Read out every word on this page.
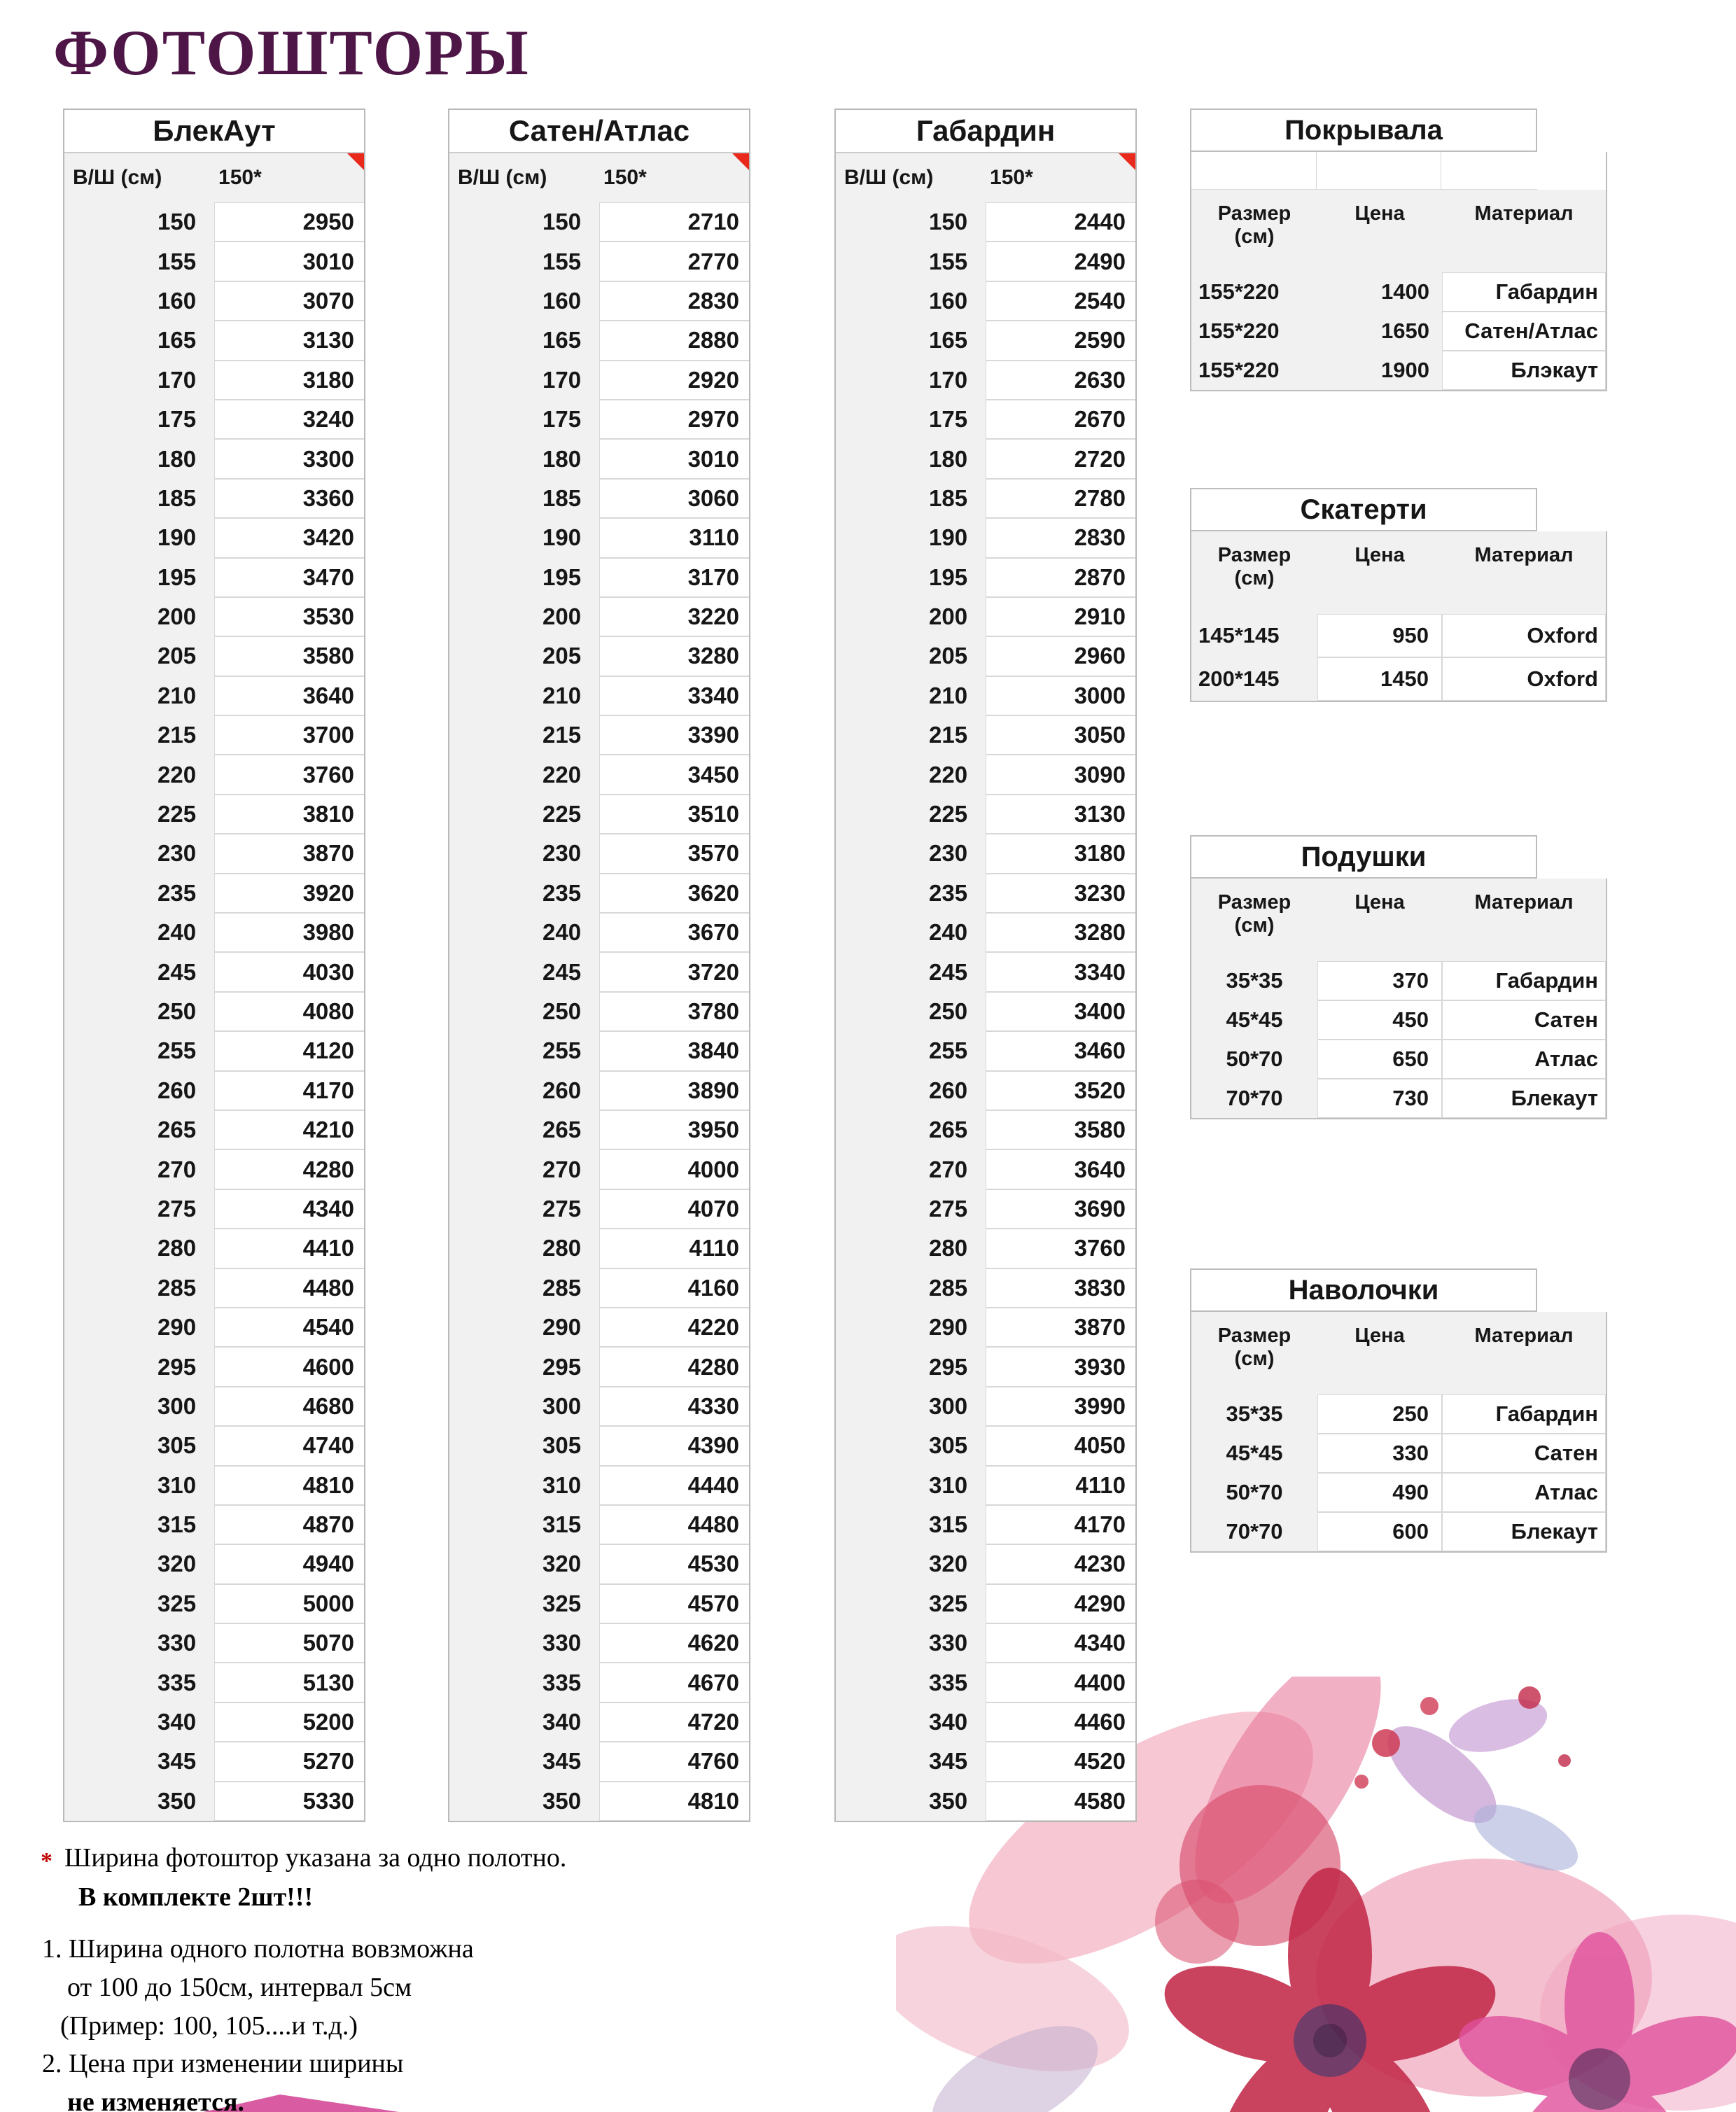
ФОТОШТОРЫ
БлекАут
В/Ш (см)	150*
150	2950
155	3010
160	3070
165	3130
170	3180
175	3240
180	3300
185	3360
190	3420
195	3470
200	3530
205	3580
210	3640
215	3700
220	3760
225	3810
230	3870
235	3920
240	3980
245	4030
250	4080
255	4120
260	4170
265	4210
270	4280
275	4340
280	4410
285	4480
290	4540
295	4600
300	4680
305	4740
310	4810
315	4870
320	4940
325	5000
330	5070
335	5130
340	5200
345	5270
350	5330
Сатен/Атлас
В/Ш (см)	150*
150	2710
155	2770
160	2830
165	2880
170	2920
175	2970
180	3010
185	3060
190	3110
195	3170
200	3220
205	3280
210	3340
215	3390
220	3450
225	3510
230	3570
235	3620
240	3670
245	3720
250	3780
255	3840
260	3890
265	3950
270	4000
275	4070
280	4110
285	4160
290	4220
295	4280
300	4330
305	4390
310	4440
315	4480
320	4530
325	4570
330	4620
335	4670
340	4720
345	4760
350	4810
Габардин
В/Ш (см)	150*
150	2440
155	2490
160	2540
165	2590
170	2630
175	2670
180	2720
185	2780
190	2830
195	2870
200	2910
205	2960
210	3000
215	3050
220	3090
225	3130
230	3180
235	3230
240	3280
245	3340
250	3400
255	3460
260	3520
265	3580
270	3640
275	3690
280	3760
285	3830
290	3870
295	3930
300	3990
305	4050
310	4110
315	4170
320	4230
325	4290
330	4340
335	4400
340	4460
345	4520
350	4580
Покрывала
Размер (см)
Цена	Материал
155*220	1400	Габардин
155*220	1650	Сатен/Атлас
155*220	1900	Блэкаут
Скатерти
Размер (см)
Цена	Материал
145*145	950	Oxford
200*145	1450	Oxford
Подушки
Размер (см)
Цена	Материал
35*35	370	Габардин
45*45	450	Сатен
50*70	650	Атлас
70*70	730	Блекаут
Наволочки
Размер (см)
Цена	Материал
35*35	250	Габардин
45*45	330	Сатен
50*70	490	Атлас
70*70	600	Блекаут
* Ширина фотоштор указана за одно полотно.
В комплекте 2шт!!!
1. Ширина одного полотна вовзможна
от 100 до 150см, интервал 5см
(Пример: 100, 105....и т.д.)
2. Цена при изменении ширины
не изменяется.
